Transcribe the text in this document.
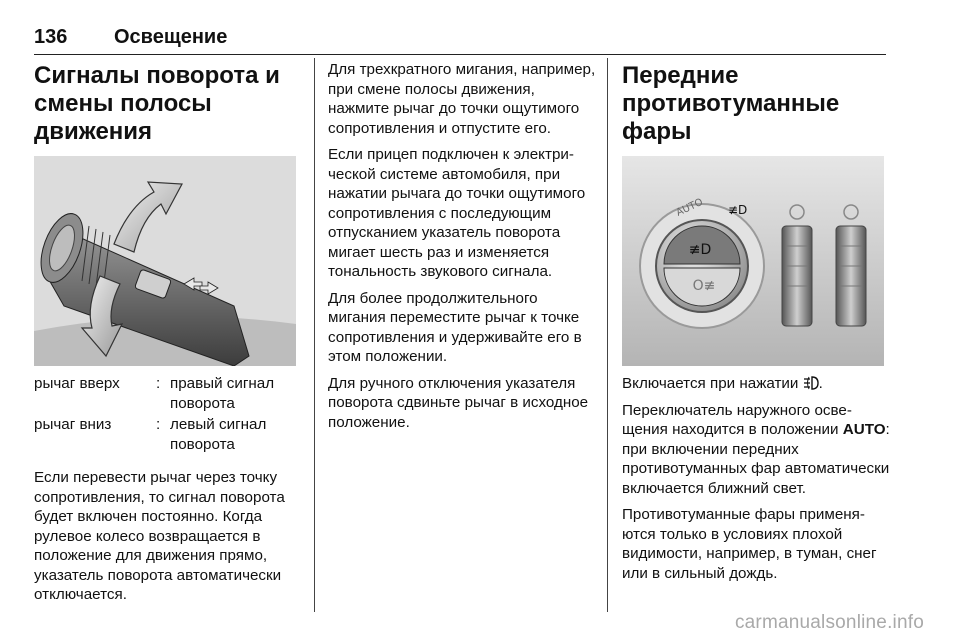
136	Освещение
Сигналы поворота и смены полосы движения
рычаг вверх	: правый сигнал поворота
рычаг вниз	: левый сигнал поворота

Если перевести рычаг через точку сопротивления, то сигнал поворота будет включен постоянно. Когда рулевое колесо возвращается в положение для движения прямо, указатель поворота автоматически отключается.

Для трехкратного мигания, например, при смене полосы движения, нажмите рычаг до точки ощутимого сопротивления и отпустите его.

Если прицеп подключен к электрической системе автомобиля, при нажатии рычага до точки ощутимого сопротивления с последующим отпусканием указатель поворота мигает шесть раз и изменяется тональность звукового сигнала.

Для более продолжительного мигания переместите рычаг к точке сопротивления и удерживайте его в этом положении.

Для ручного отключения указателя поворота сдвиньте рычаг в исходное положение.

Передние противотуманные фары
≢D
O≢
AUTO ≢D

Включается при нажатии .

Переключатель наружного освещения находится в положении AUTO: при включении передних противотуманных фар автоматически включается ближний свет.

Противотуманные фары применяются только в условиях плохой видимости, например, в туман, снег или в сильный дождь.

carmanualsonline.info
